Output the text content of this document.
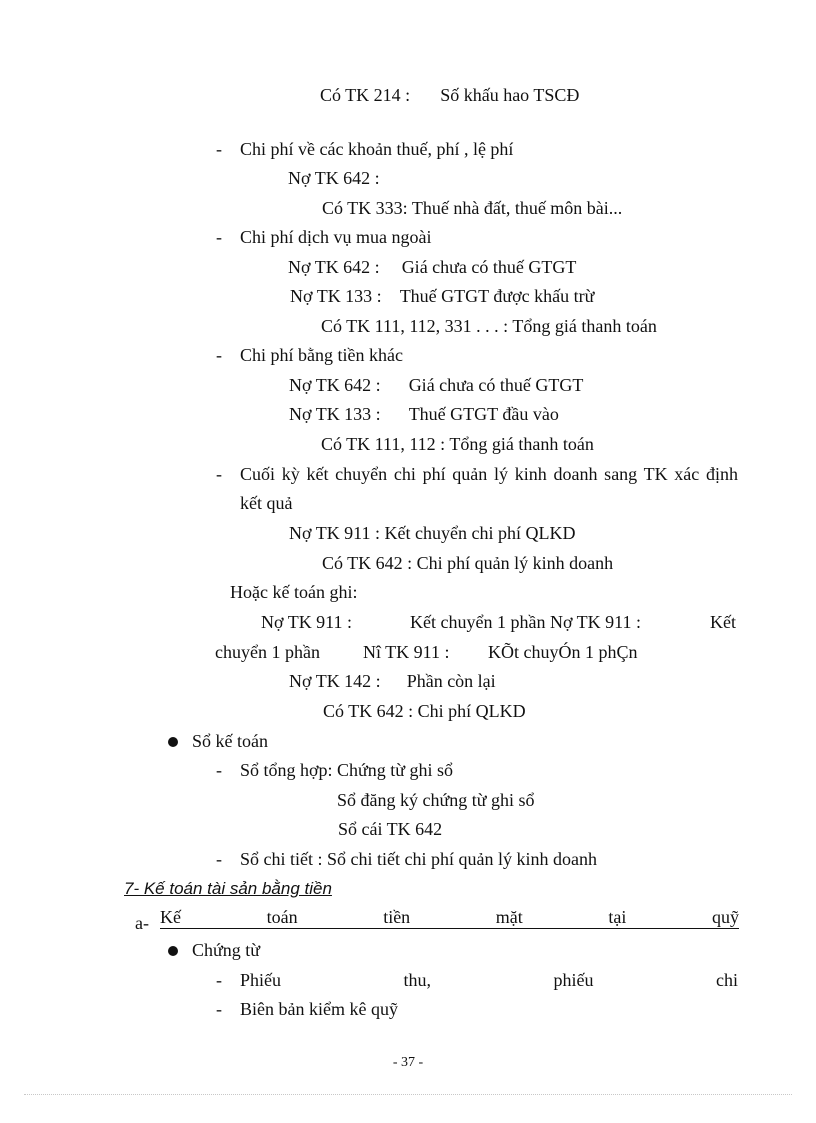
Có TK 214 : Số khấu hao TSCĐ
- Chi phí về các khoản thuế, phí , lệ phí
Nợ TK 642 :
Có TK 333: Thuế nhà đất, thuế môn bài...
- Chi phí dịch vụ mua ngoài
Nợ TK 642 : Giá chưa có thuế GTGT
Nợ TK 133 : Thuế GTGT được khấu trừ
Có TK 111, 112, 331 . . . : Tổng giá thanh toán
- Chi phí bằng tiền khác
Nợ TK 642 : Giá chưa có thuế GTGT
Nợ TK 133 : Thuế GTGT đầu vào
Có TK 111, 112 : Tổng giá thanh toán
- Cuối kỳ kết chuyển chi phí quản lý kinh doanh sang TK xác định
kết quả
Nợ TK 911 : Kết chuyển chi phí QLKD
Có TK 642 : Chi phí quản lý kinh doanh
Hoặc kế toán ghi:
Nợ TK 911 :	Kết chuyển 1 phần Nợ TK 911 :	Kết
chuyển 1 phần Nî TK 911 : KÕt chuyÓn 1 phÇn
Nợ TK 142 : Phần còn lại
Có TK 642 : Chi phí QLKD
Sổ kế toán
- Sổ tổng hợp: Chứng từ ghi sổ
Sổ đăng ký chứng từ ghi sổ
Sổ cái TK 642
- Sổ chi tiết : Sổ chi tiết chi phí quản lý kinh doanh
7- Kế toán tài sản bằng tiền
a- Kế	toán	tiền	mặt	tại	quỹ
Chứng từ
- Phiếu	thu,	phiếu	chi
- Biên bản kiểm kê quỹ
- 37 -
